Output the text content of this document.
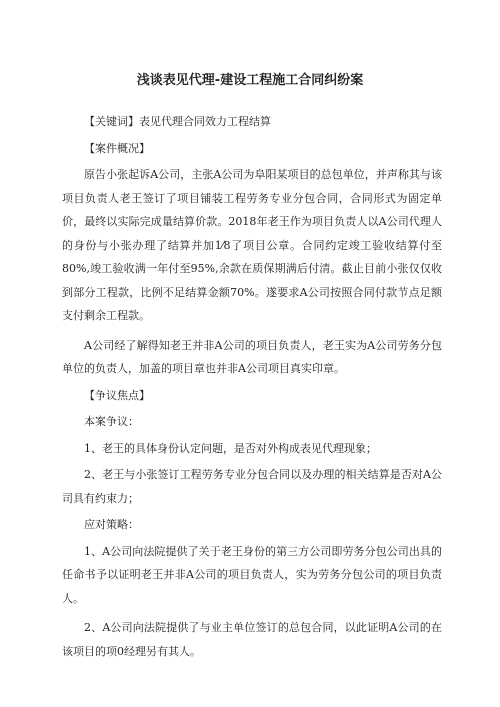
浅谈表见代理-建设工程施工合同纠纷案

【关键词】表见代理合同效力工程结算

【案件概况】

原告小张起诉A公司，主张A公司为阜阳某项目的总包单位，并声称其与该项目负责人老王签订了项目铺装工程劳务专业分包合同，合同形式为固定单价，最终以实际完成量结算价款。2018年老王作为项目负责人以A公司代理人的身份与小张办理了结算并加1⁄8了项目公章。合同约定竣工验收结算付至80%,竣工验收满一年付至95%,余款在质保期满后付清。截止目前小张仅仅收到部分工程款，比例不足结算金额70%。遂要求A公司按照合同付款节点足额支付剩余工程款。

A公司经了解得知老王并非A公司的项目负责人，老王实为A公司劳务分包单位的负责人，加盖的项目章也并非A公司项目真实印章。

【争议焦点】

本案争议：

1、老王的具体身份认定问题，是否对外构成表见代理现象；

2、老王与小张签订工程劳务专业分包合同以及办理的相关结算是否对A公司具有约束力；

应对策略：

1、A公司向法院提供了关于老王身份的第三方公司即劳务分包公司出具的任命书予以证明老王并非A公司的项目负责人，实为劳务分包公司的项目负责人。

2、A公司向法院提供了与业主单位签订的总包合同，以此证明A公司的在该项目的项0经理另有其人。
